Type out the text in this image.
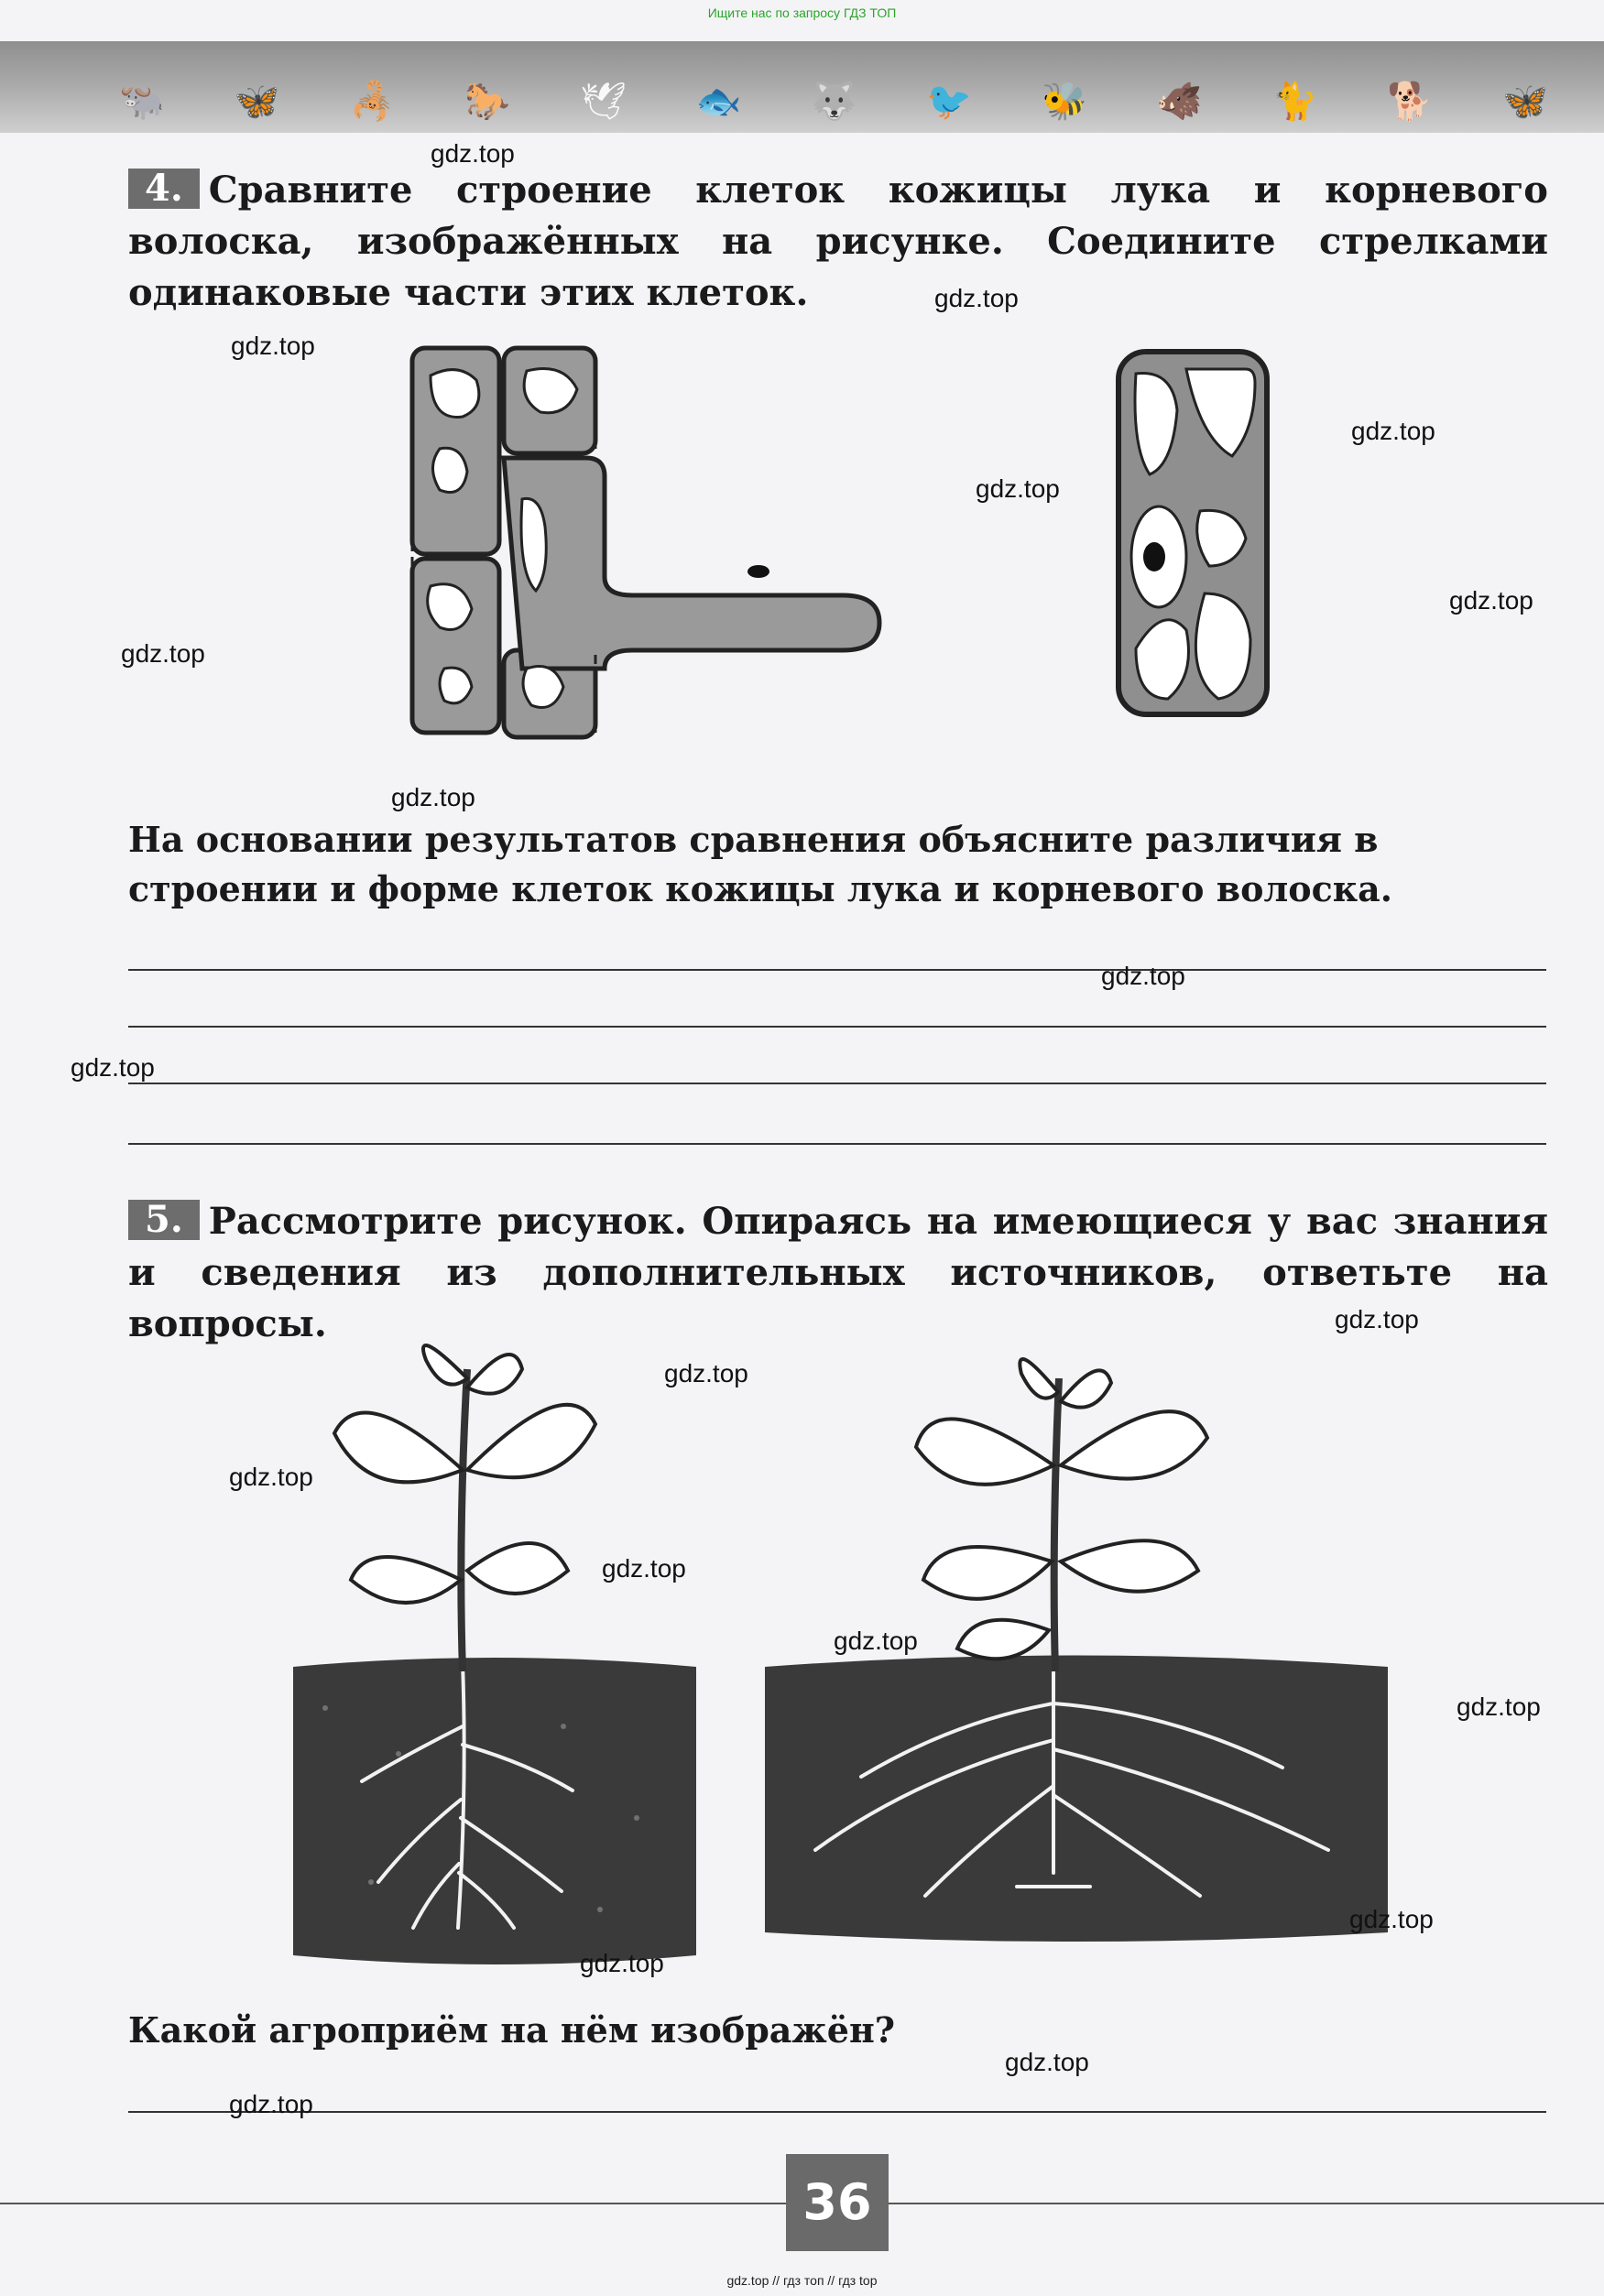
Ищите нас по запросу ГДЗ ТОП
🐃 🦋 🦂 🐎 🕊 🐟 🐺 🐦 🐝 🐗 🐈 🐕 🦋
4. Сравните строение клеток кожицы лука и корневого волоска, изображённых на рисунке. Соедините стрелками одинаковые части этих клеток.
На основании результатов сравнения объясните различия в строении и форме клеток кожицы лука и корневого волоска.
5. Рассмотрите рисунок. Опираясь на имеющиеся у вас знания и сведения из дополнительных источников, ответьте на вопросы.
Какой агроприём на нём изображён?
36
gdz.top // гдз топ // гдз top
gdz.top
gdz.top
gdz.top
gdz.top
gdz.top
gdz.top
gdz.top
gdz.top
gdz.top
gdz.top
gdz.top
gdz.top
gdz.top
gdz.top
gdz.top
gdz.top
gdz.top
gdz.top
gdz.top
gdz.top
